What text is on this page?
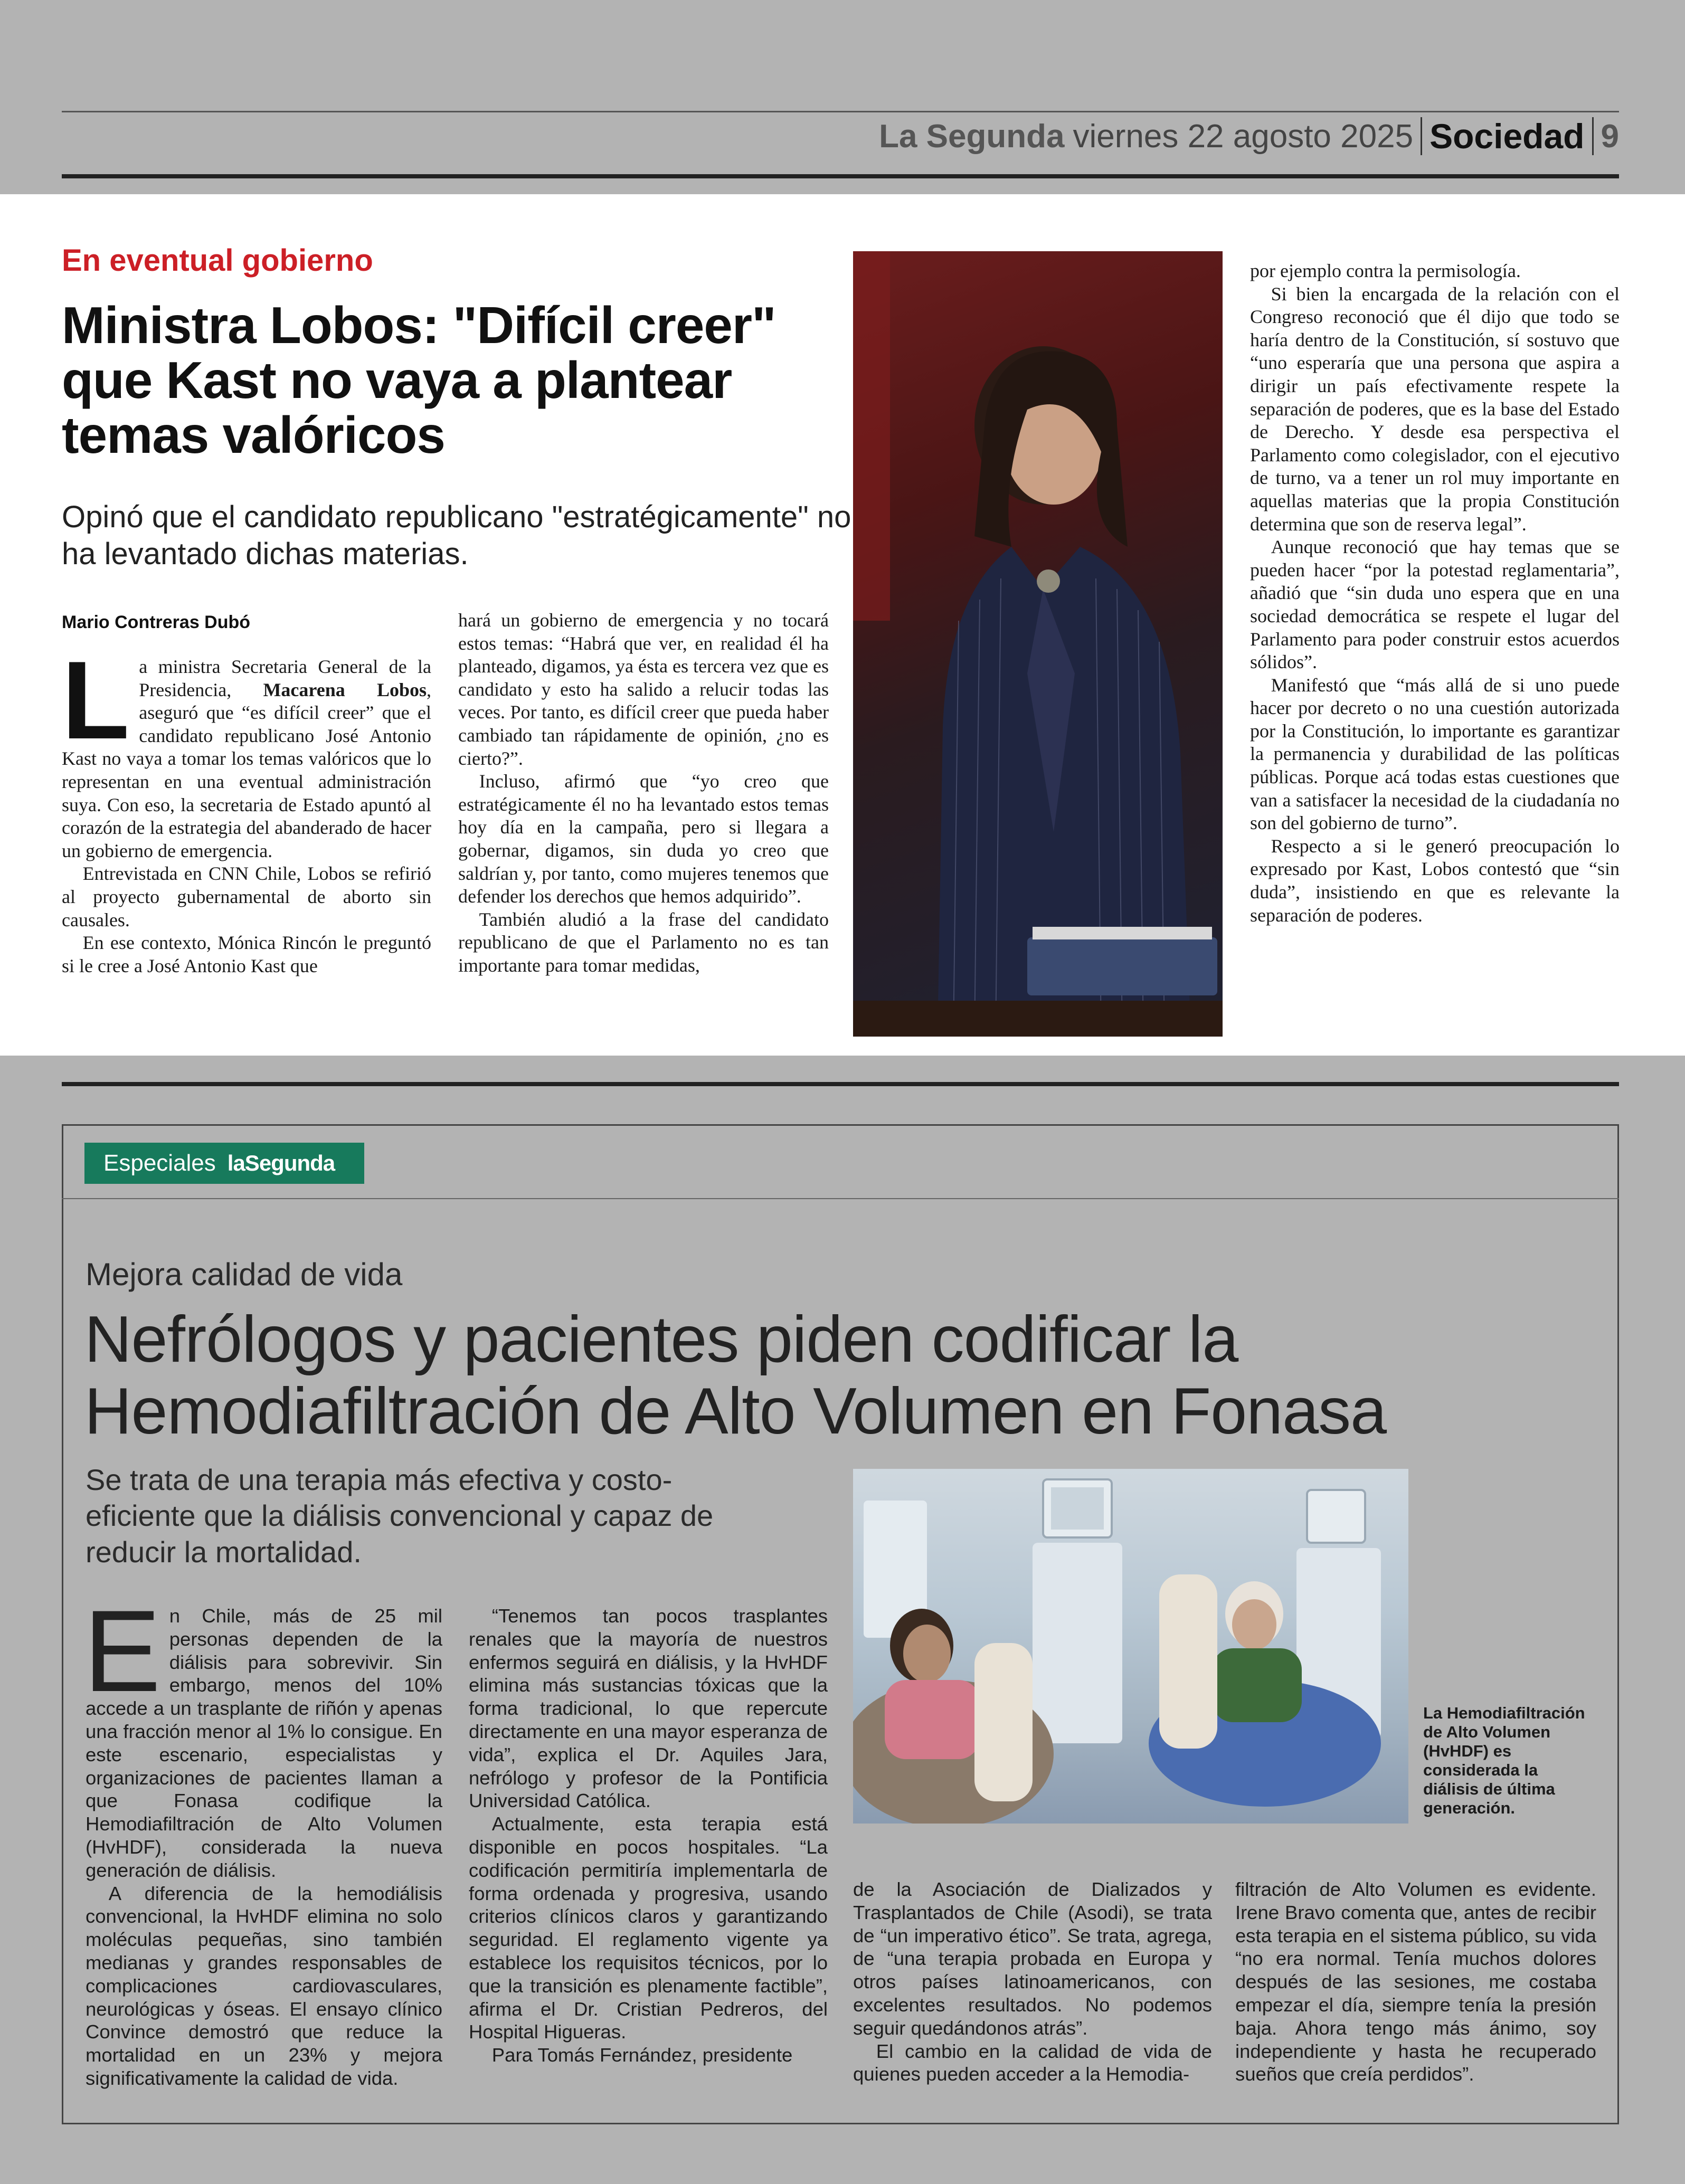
La Segunda viernes 22 agosto 2025 Sociedad 9
En eventual gobierno
Ministra Lobos: "Difícil creer" que Kast no vaya a plantear temas valóricos
Opinó que el candidato republicano "estratégicamente" no ha levantado dichas materias.
Mario Contreras Dubó
L a ministra Secretaria General de la Presidencia, Macarena Lobos, aseguró que “es difícil creer” que el candidato republicano José Antonio Kast no vaya a tomar los temas valóricos que lo representan en una eventual administración suya. Con eso, la secretaria de Estado apuntó al corazón de la estrategia del abanderado de hacer un gobierno de emergencia.

Entrevistada en CNN Chile, Lobos se refirió al proyecto gubernamental de aborto sin causales.

En ese contexto, Mónica Rincón le preguntó si le cree a José Antonio Kast que

hará un gobierno de emergencia y no tocará estos temas: “Habrá que ver, en realidad él ha planteado, digamos, ya ésta es tercera vez que es candidato y esto ha salido a relucir todas las veces. Por tanto, es difícil creer que pueda haber cambiado tan rápidamente de opinión, ¿no es cierto?”.

Incluso, afirmó que “yo creo que estratégicamente él no ha levantado estos temas hoy día en la campaña, pero si llegara a gobernar, digamos, sin duda yo creo que saldrían y, por tanto, como mujeres tenemos que defender los derechos que hemos adquirido”.

También aludió a la frase del candidato republicano de que el Parlamento no es tan importante para tomar medidas,

por ejemplo contra la permisología.

Si bien la encargada de la relación con el Congreso reconoció que él dijo que todo se haría dentro de la Constitución, sí sostuvo que “uno esperaría que una persona que aspira a dirigir un país efectivamente respete la separación de poderes, que es la base del Estado de Derecho. Y desde esa perspectiva el Parlamento como colegislador, con el ejecutivo de turno, va a tener un rol muy importante en aquellas materias que la propia Constitución determina que son de reserva legal”.

Aunque reconoció que hay temas que se pueden hacer “por la potestad reglamentaria”, añadió que “sin duda uno espera que en una sociedad democrática se respete el lugar del Parlamento para poder construir estos acuerdos sólidos”.

Manifestó que “más allá de si uno puede hacer por decreto o no una cuestión autorizada por la Constitución, lo importante es garantizar la permanencia y durabilidad de las políticas públicas. Porque acá todas estas cuestiones que van a satisfacer la necesidad de la ciudadanía no son del gobierno de turno”.

Respecto a si le generó preocupación lo expresado por Kast, Lobos contestó que “sin duda”, insistiendo en que es relevante la separación de poderes.

Especiales laSegunda
Mejora calidad de vida
Nefrólogos y pacientes piden codificar la Hemodiafiltración de Alto Volumen en Fonasa
Se trata de una terapia más efectiva y costo-eficiente que la diálisis convencional y capaz de reducir la mortalidad.
E n Chile, más de 25 mil personas dependen de la diálisis para sobrevivir. Sin embargo, menos del 10% accede a un trasplante de riñón y apenas una fracción menor al 1% lo consigue. En este escenario, especialistas y organizaciones de pacientes llaman a que Fonasa codifique la Hemodiafiltración de Alto Volumen (HvHDF), considerada la nueva generación de diálisis.

A diferencia de la hemodiálisis convencional, la HvHDF elimina no solo moléculas pequeñas, sino también medianas y grandes responsables de complicaciones cardiovasculares, neurológicas y óseas. El ensayo clínico Convince demostró que reduce la mortalidad en un 23% y mejora significativamente la calidad de vida.

“Tenemos tan pocos trasplantes renales que la mayoría de nuestros enfermos seguirá en diálisis, y la HvHDF elimina más sustancias tóxicas que la forma tradicional, lo que repercute directamente en una mayor esperanza de vida”, explica el Dr. Aquiles Jara, nefrólogo y profesor de la Pontificia Universidad Católica.

Actualmente, esta terapia está disponible en pocos hospitales. “La codificación permitiría implementarla de forma ordenada y progresiva, usando criterios clínicos claros y garantizando seguridad. El reglamento vigente ya establece los requisitos técnicos, por lo que la transición es plenamente factible”, afirma el Dr. Cristian Pedreros, del Hospital Higueras.

Para Tomás Fernández, presidente

La Hemodiafiltración de Alto Volumen (HvHDF) es considerada la diálisis de última generación.

de la Asociación de Dializados y Trasplantados de Chile (Asodi), se trata de “un imperativo ético”. Se trata, agrega, de “una terapia probada en Europa y otros países latinoamericanos, con excelentes resultados. No podemos seguir quedándonos atrás”.

El cambio en la calidad de vida de quienes pueden acceder a la Hemodia-

filtración de Alto Volumen es evidente. Irene Bravo comenta que, antes de recibir esta terapia en el sistema público, su vida “no era normal. Tenía muchos dolores después de las sesiones, me costaba empezar el día, siempre tenía la presión baja. Ahora tengo más ánimo, soy independiente y hasta he recuperado sueños que creía perdidos”.
